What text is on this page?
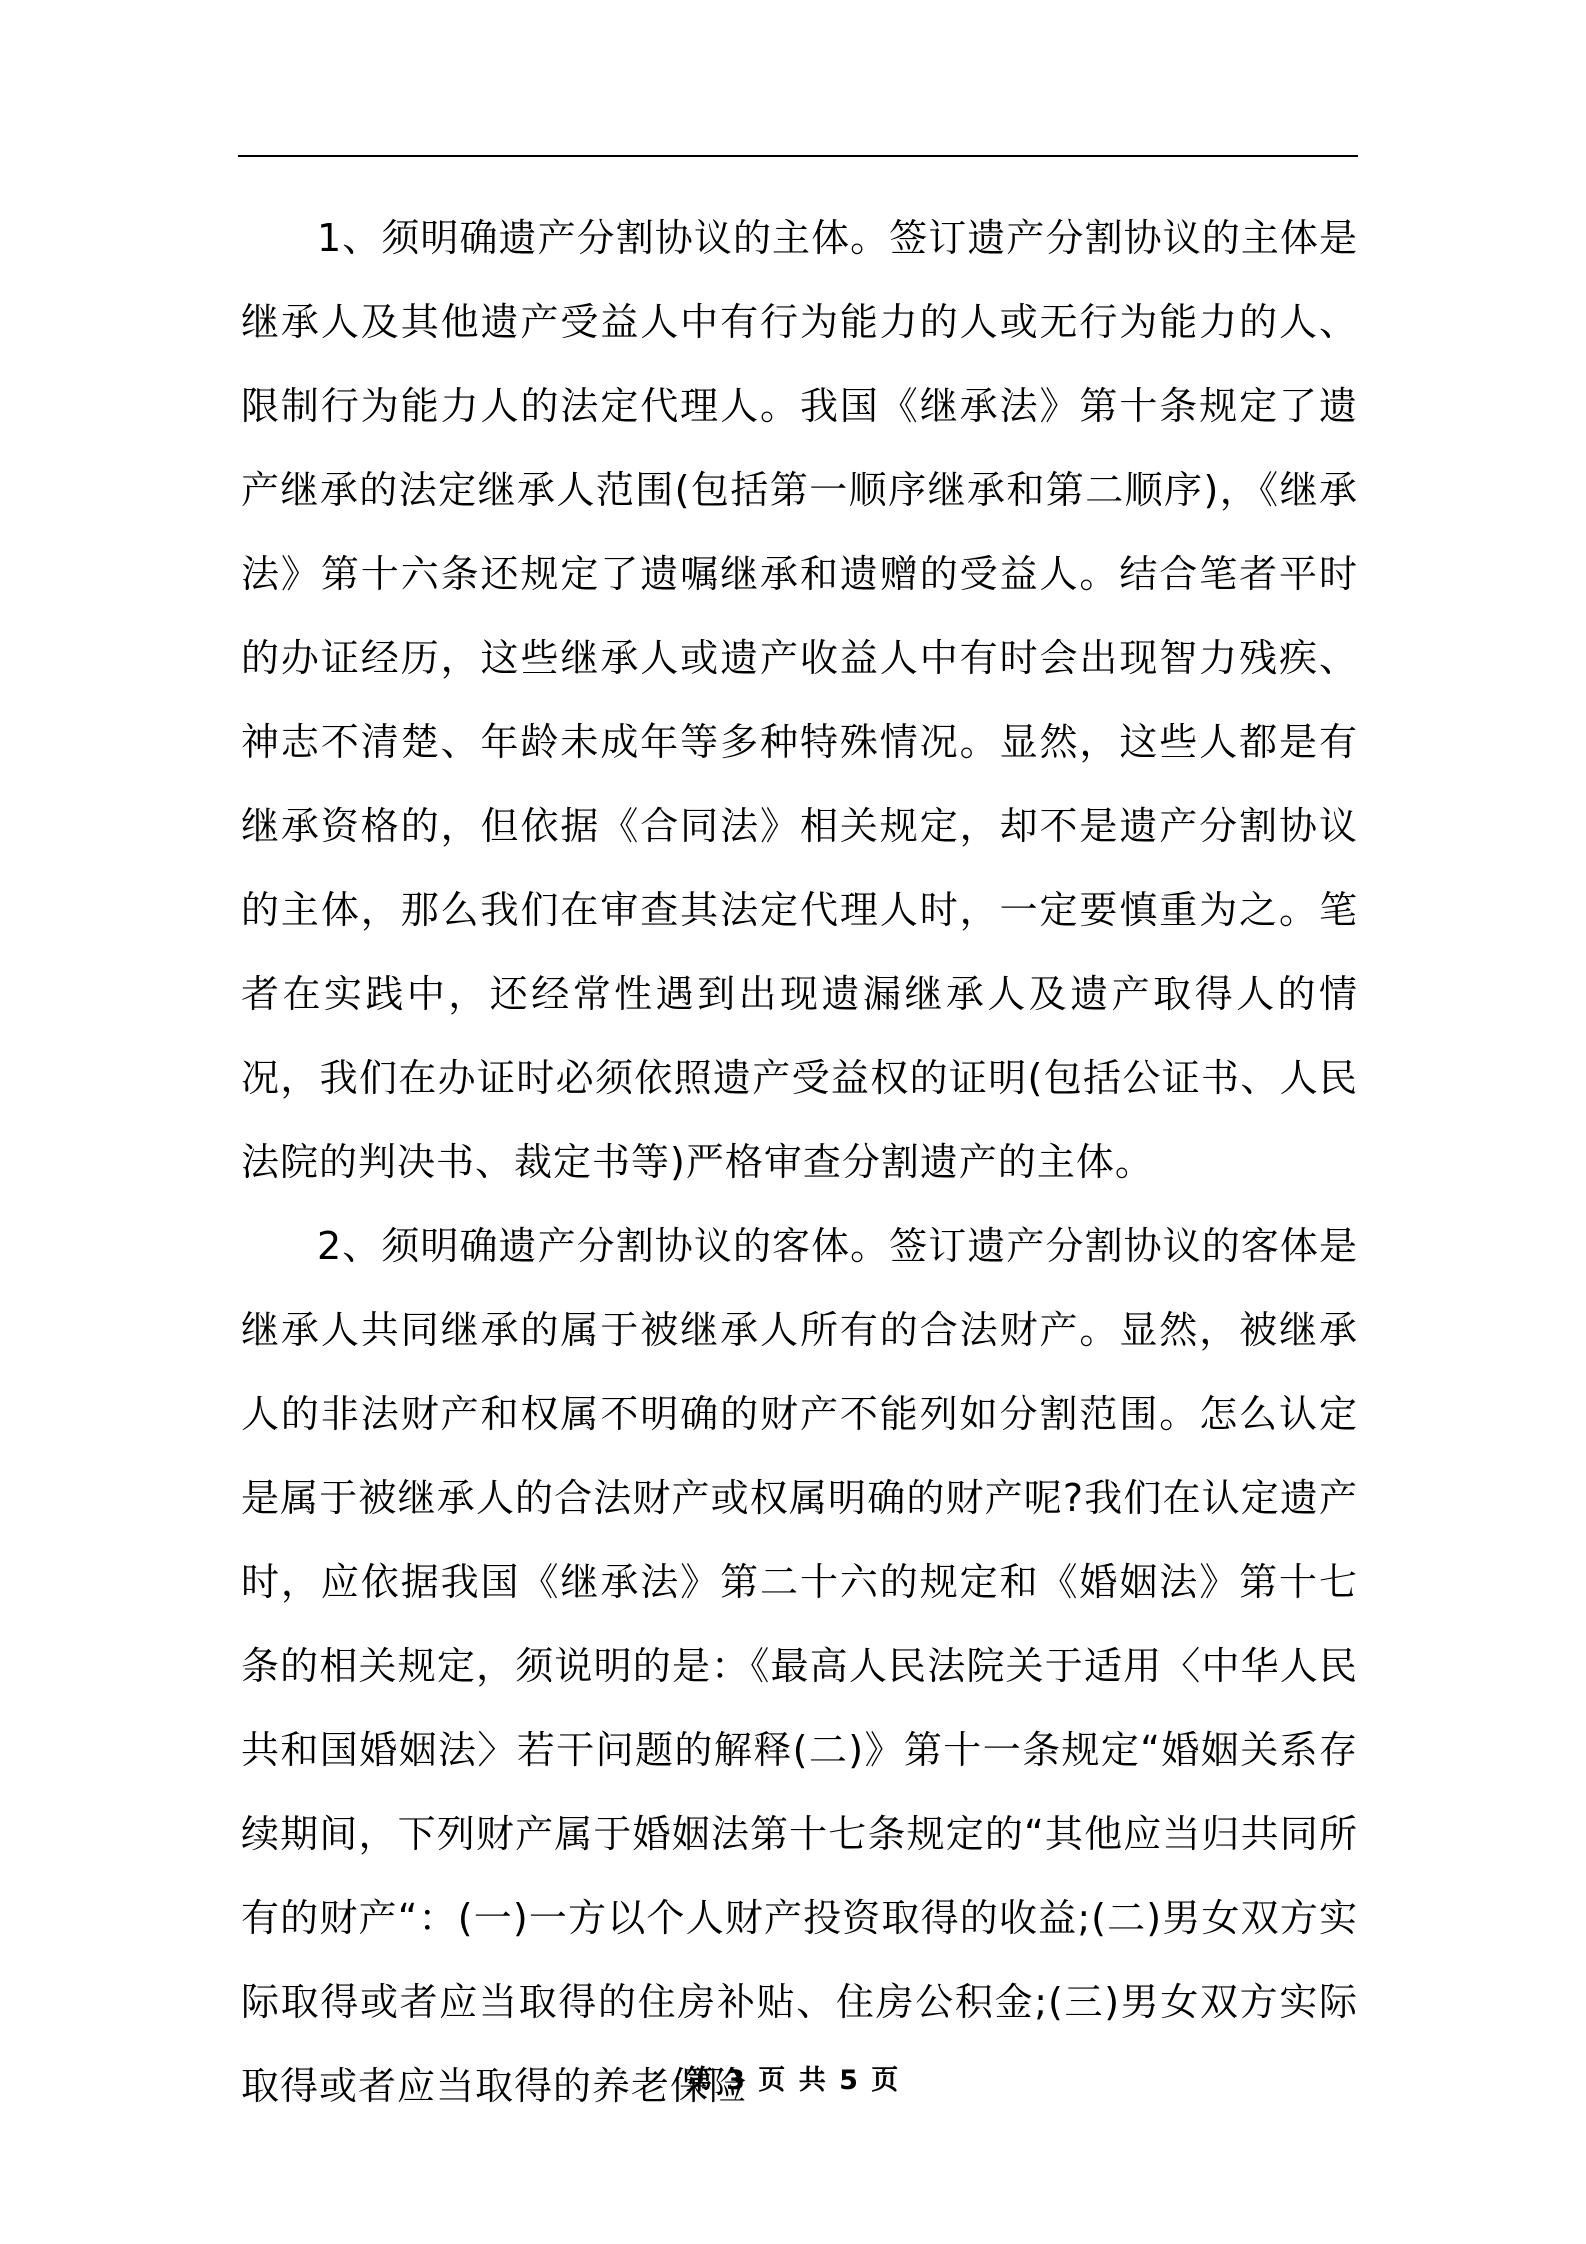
1、须明确遗产分割协议的主体。签订遗产分割协议的主体是继承人及其他遗产受益人中有行为能力的人或无行为能力的人、限制行为能力人的法定代理人。我国《继承法》第十条规定了遗产继承的法定继承人范围(包括第一顺序继承和第二顺序)，《继承法》第十六条还规定了遗嘱继承和遗赠的受益人。结合笔者平时的办证经历，这些继承人或遗产收益人中有时会出现智力残疾、神志不清楚、年龄未成年等多种特殊情况。显然，这些人都是有继承资格的，但依据《合同法》相关规定，却不是遗产分割协议的主体，那么我们在审查其法定代理人时，一定要慎重为之。笔者在实践中，还经常性遇到出现遗漏继承人及遗产取得人的情况，我们在办证时必须依照遗产受益权的证明(包括公证书、人民法院的判决书、裁定书等)严格审查分割遗产的主体。

2、须明确遗产分割协议的客体。签订遗产分割协议的客体是继承人共同继承的属于被继承人所有的合法财产。显然，被继承人的非法财产和权属不明确的财产不能列如分割范围。怎么认定是属于被继承人的合法财产或权属明确的财产呢?我们在认定遗产时，应依据我国《继承法》第二十六的规定和《婚姻法》第十七条的相关规定，须说明的是：《最高人民法院关于适用〈中华人民共和国婚姻法〉若干问题的解释(二)》第十一条规定“婚姻关系存续期间，下列财产属于婚姻法第十七条规定的“其他应当归共同所有的财产“：(一)一方以个人财产投资取得的收益;(二)男女双方实际取得或者应当取得的住房补贴、住房公积金;(三)男女双方实际取得或者应当取得的养老保险

第 3 页 共 5 页
